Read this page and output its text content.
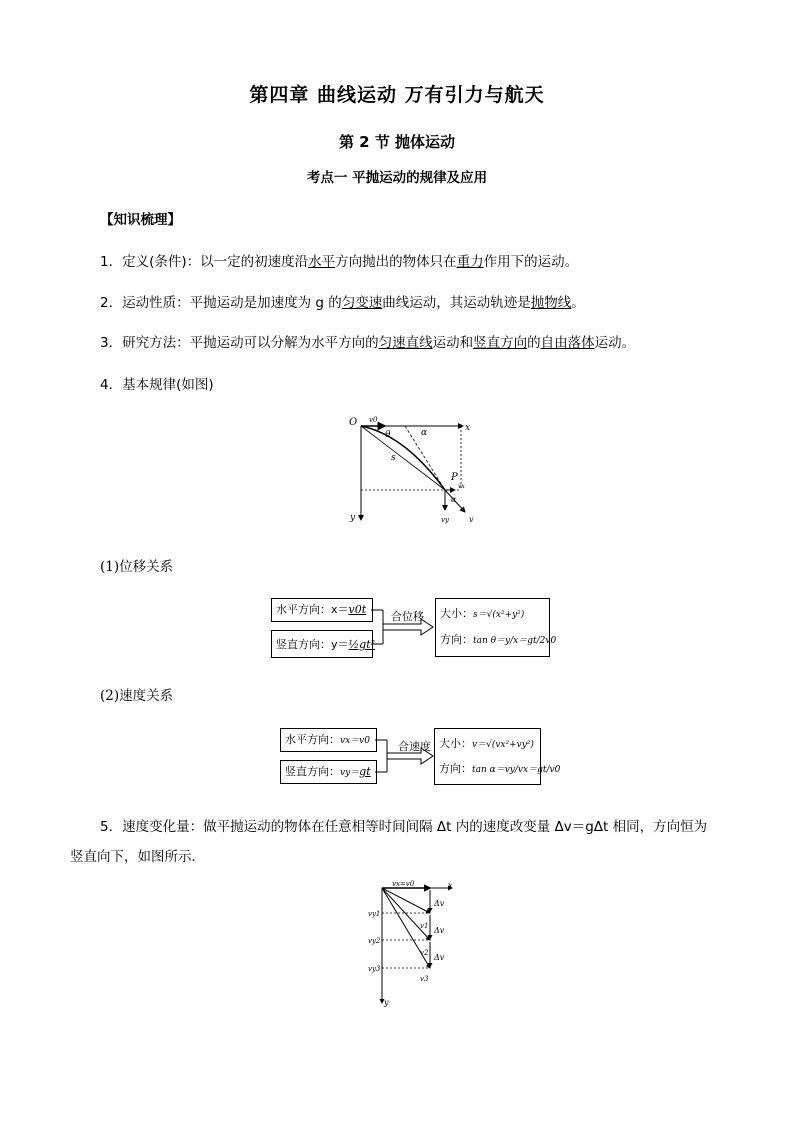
第四章 曲线运动 万有引力与航天
第 2 节 抛体运动
考点一 平抛运动的规律及应用
【知识梳理】
1．定义(条件)：以一定的初速度沿水平方向抛出的物体只在重力作用下的运动。
2．运动性质：平抛运动是加速度为 g 的匀变速曲线运动，其运动轨迹是抛物线。
3．研究方法：平抛运动可以分解为水平方向的匀速直线运动和竖直方向的自由落体运动。
4．基本规律(如图)
O	x
y
v0
θ	α
s
P
vx
α
vy	v
(1)位移关系
水平方向：x＝v0t
竖直方向：y＝½gt²
合位移	大小：s＝√(x²+y²)
方向：tan θ＝y/x＝gt/2v0
(2)速度关系
水平方向：vx＝v0
竖直方向：vy＝gt
合速度 大小：v＝√(vx²+vy²)
方向：tan α＝vy/vx＝gt/v0
5．速度变化量：做平抛运动的物体在任意相等时间间隔 Δt 内的速度改变量 Δv＝gΔt 相同，方向恒为
竖直向下，如图所示．
vx=v0	x
y
vy1
vy2
vy3
v1
v2
v3
Δv
Δv
Δv
